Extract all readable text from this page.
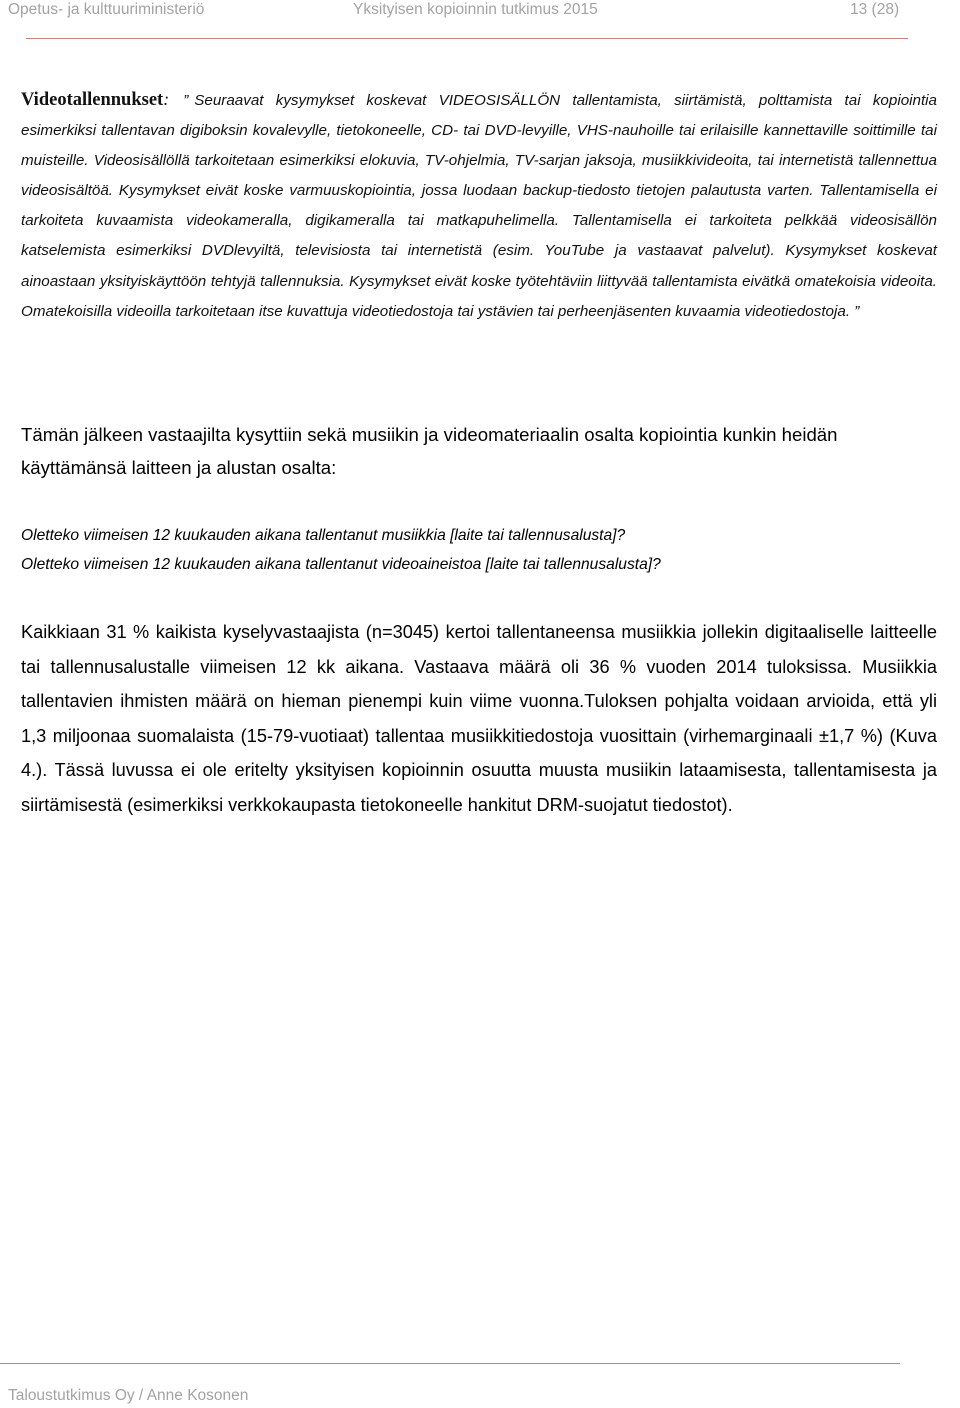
Opetus- ja kulttuuriministeriö	Yksityisen kopioinnin tutkimus 2015	13 (28)
Videotallennukset: ” Seuraavat kysymykset koskevat VIDEOSISÄLLÖN tallentamista, siirtämistä, polttamista tai kopiointia esimerkiksi tallentavan digiboksin kovalevylle, tietokoneelle, CD- tai DVD-levyille, VHS-nauhoille tai erilaisille kannettaville soittimille tai muisteille. Videosisällöllä tarkoitetaan esimerkiksi elokuvia, TV-ohjelmia, TV-sarjan jaksoja, musiikkivideoita, tai internetistä tallennettua videosisältöä. Kysymykset eivät koske varmuuskopiointia, jossa luodaan backup-tiedosto tietojen palautusta varten. Tallentamisella ei tarkoiteta kuvaamista videokameralla, digikameralla tai matkapuhelimella. Tallentamisella ei tarkoiteta pelkkää videosisällön katselemista esimerkiksi DVDlevyiltä, televisiosta tai internetistä (esim. YouTube ja vastaavat palvelut). Kysymykset koskevat ainoastaan yksityiskäyttöön tehtyjä tallennuksia. Kysymykset eivät koske työtehtäviin liittyvää tallentamista eivätkä omatekoisia videoita. Omatekoisilla videoilla tarkoitetaan itse kuvattuja videotiedostoja tai ystävien tai perheenjäsenten kuvaamia videotiedostoja. ”
Tämän jälkeen vastaajilta kysyttiin sekä musiikin ja videomateriaalin osalta kopiointia kunkin heidän käyttämänsä laitteen ja alustan osalta:
Oletteko viimeisen 12 kuukauden aikana tallentanut musiikkia [laite tai tallennusalusta]?
Oletteko viimeisen 12 kuukauden aikana tallentanut videoaineistoa [laite tai tallennusalusta]?
Kaikkiaan 31 % kaikista kyselyvastaajista (n=3045) kertoi tallentaneensa musiikkia jollekin digitaaliselle laitteelle tai tallennusalustalle viimeisen 12 kk aikana. Vastaava määrä oli 36 % vuoden 2014 tuloksissa. Musiikkia tallentavien ihmisten määrä on hieman pienempi kuin viime vuonna.Tuloksen pohjalta voidaan arvioida, että yli 1,3 miljoonaa suomalaista (15-79-vuotiaat) tallentaa musiikkitiedostoja vuosittain (virhemarginaali ±1,7 %) (Kuva 4.). Tässä luvussa ei ole eritelty yksityisen kopioinnin osuutta muusta musiikin lataamisesta, tallentamisesta ja siirtämisestä (esimerkiksi verkkokaupasta tietokoneelle hankitut DRM-suojatut tiedostot).
Taloustutkimus Oy / Anne Kosonen
